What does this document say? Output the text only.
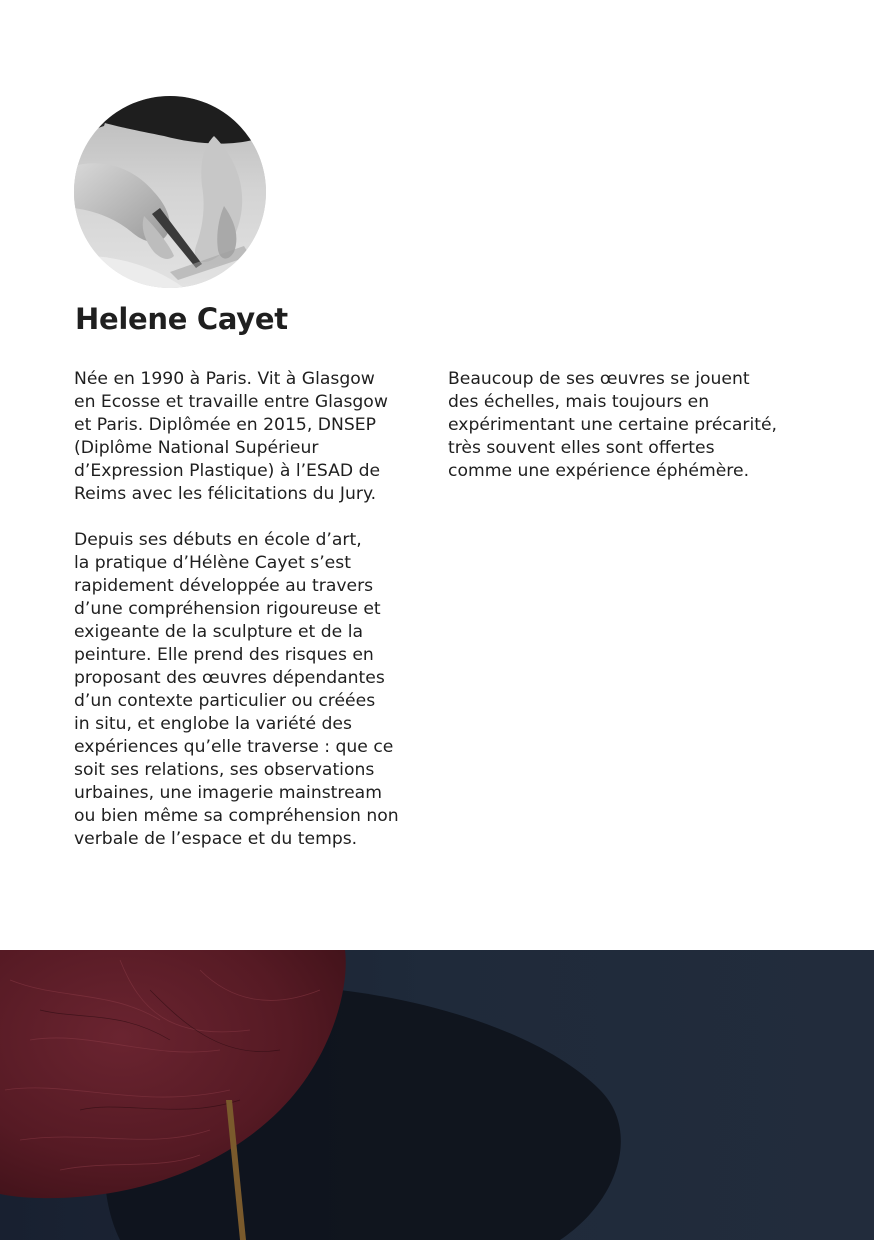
Helene Cayet

Née en 1990 à Paris. Vit à Glasgow
en Ecosse et travaille entre Glasgow
et Paris. Diplômée en 2015, DNSEP
(Diplôme National Supérieur
d’Expression Plastique) à l’ESAD de
Reims avec les félicitations du Jury.

Depuis ses débuts en école d’art,
la pratique d’Hélène Cayet s’est
rapidement développée au travers
d’une compréhension rigoureuse et
exigeante de la sculpture et de la
peinture. Elle prend des risques en
proposant des œuvres dépendantes
d’un contexte particulier ou créées
in situ, et englobe la variété des
expériences qu’elle traverse : que ce
soit ses relations, ses observations
urbaines, une imagerie mainstream
ou bien même sa compréhension non
verbale de l’espace et du temps.

Beaucoup de ses œuvres se jouent
des échelles, mais toujours en
expérimentant une certaine précarité,
très souvent elles sont offertes
comme une expérience éphémère.
